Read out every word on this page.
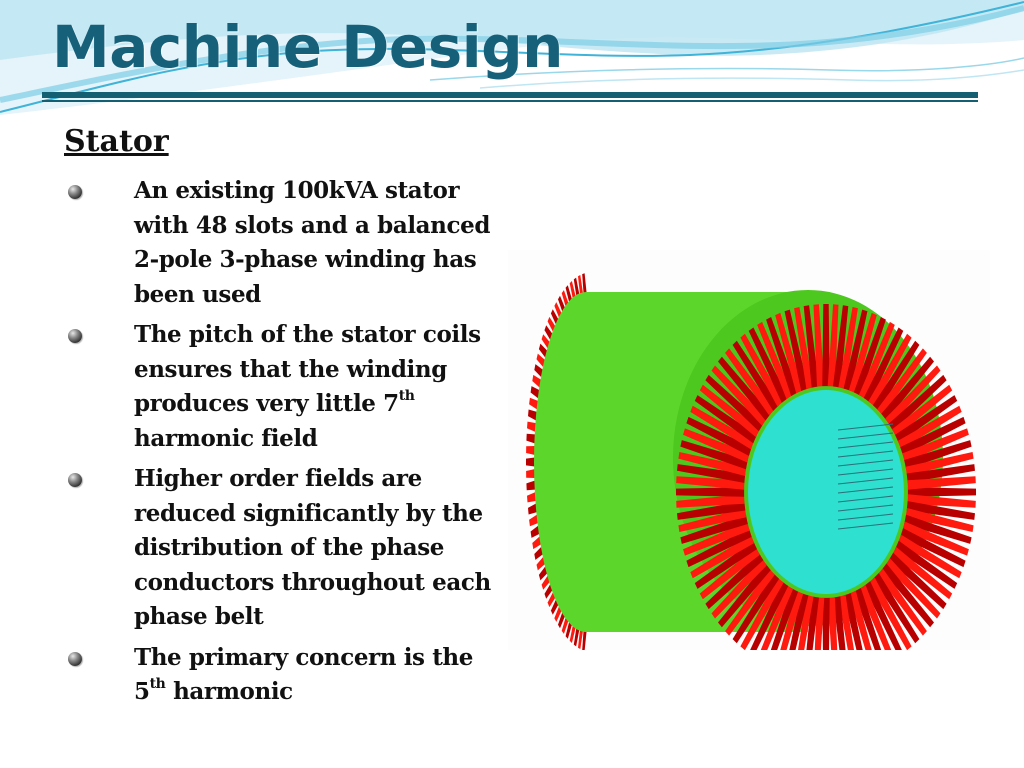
Machine Design
Stator
An existing 100kVA stator with 48 slots and a balanced 2-pole 3-phase winding has been used
The pitch of the stator coils ensures that the winding produces very little 7th harmonic field
Higher order fields are reduced significantly by the distribution of the phase conductors throughout each phase belt
The primary concern is the 5th harmonic
